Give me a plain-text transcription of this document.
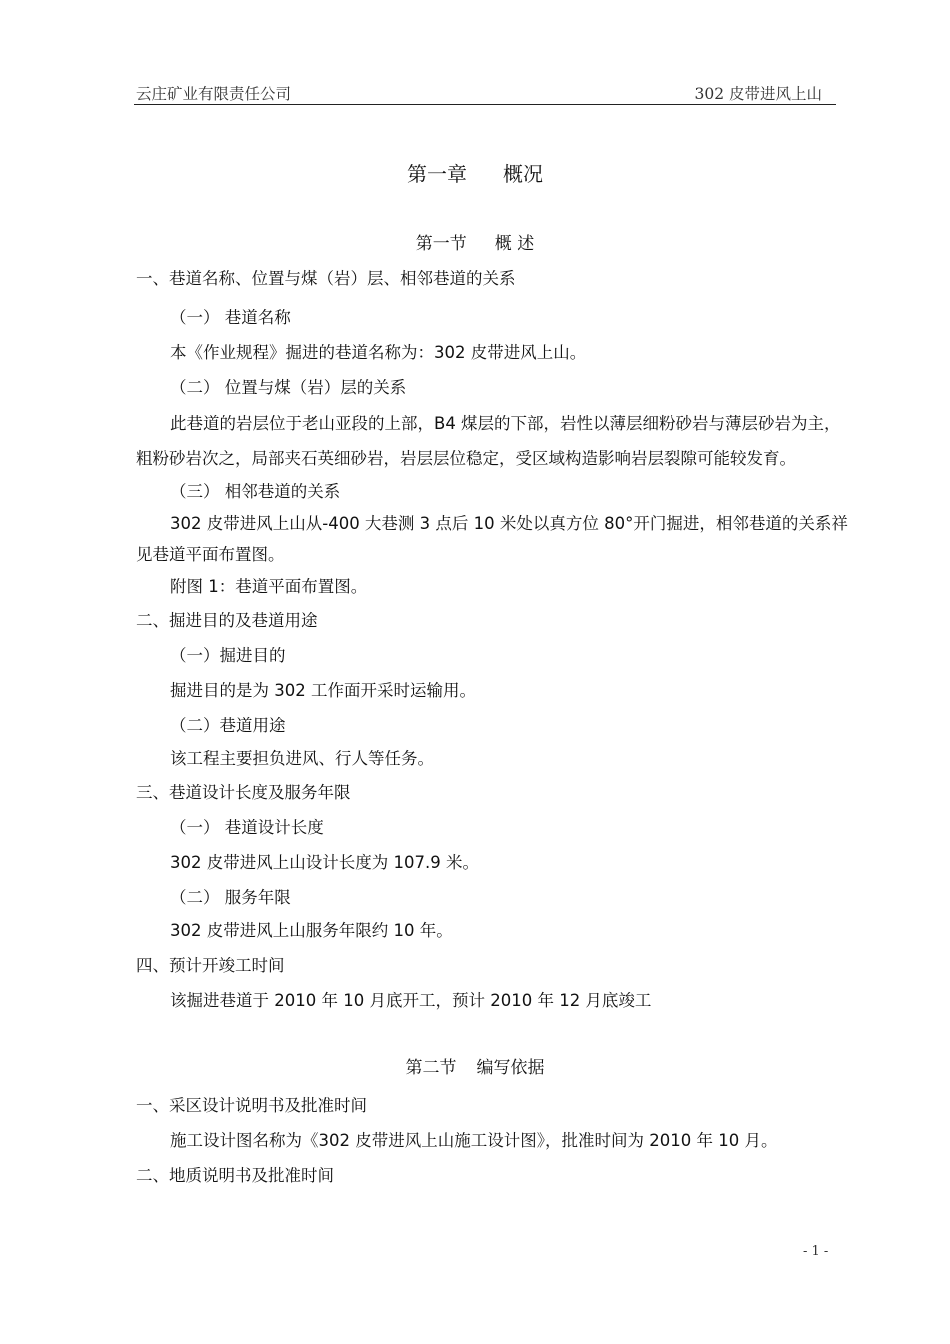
云庄矿业有限责任公司	302 皮带进风上山
第一章 概况
第一节 概 述
一、巷道名称、位置与煤（岩）层、相邻巷道的关系
（一） 巷道名称
本《作业规程》掘进的巷道名称为：302 皮带进风上山。
（二） 位置与煤（岩）层的关系
此巷道的岩层位于老山亚段的上部，B4 煤层的下部，岩性以薄层细粉砂岩与薄层砂岩为主，
粗粉砂岩次之，局部夹石英细砂岩，岩层层位稳定，受区域构造影响岩层裂隙可能较发育。
（三） 相邻巷道的关系
302 皮带进风上山从-400 大巷测 3 点后 10 米处以真方位 80°开门掘进，相邻巷道的关系祥
见巷道平面布置图。
附图 1：巷道平面布置图。
二、掘进目的及巷道用途
（一）掘进目的
掘进目的是为 302 工作面开采时运输用。
（二）巷道用途
该工程主要担负进风、行人等任务。
三、巷道设计长度及服务年限
（一） 巷道设计长度
302 皮带进风上山设计长度为 107.9 米。
（二） 服务年限
302 皮带进风上山服务年限约 10 年。
四、预计开竣工时间
该掘进巷道于 2010 年 10 月底开工，预计 2010 年 12 月底竣工
第二节 编写依据
一、采区设计说明书及批准时间
施工设计图名称为《302 皮带进风上山施工设计图》，批准时间为 2010 年 10 月。
二、地质说明书及批准时间
- 1 -
